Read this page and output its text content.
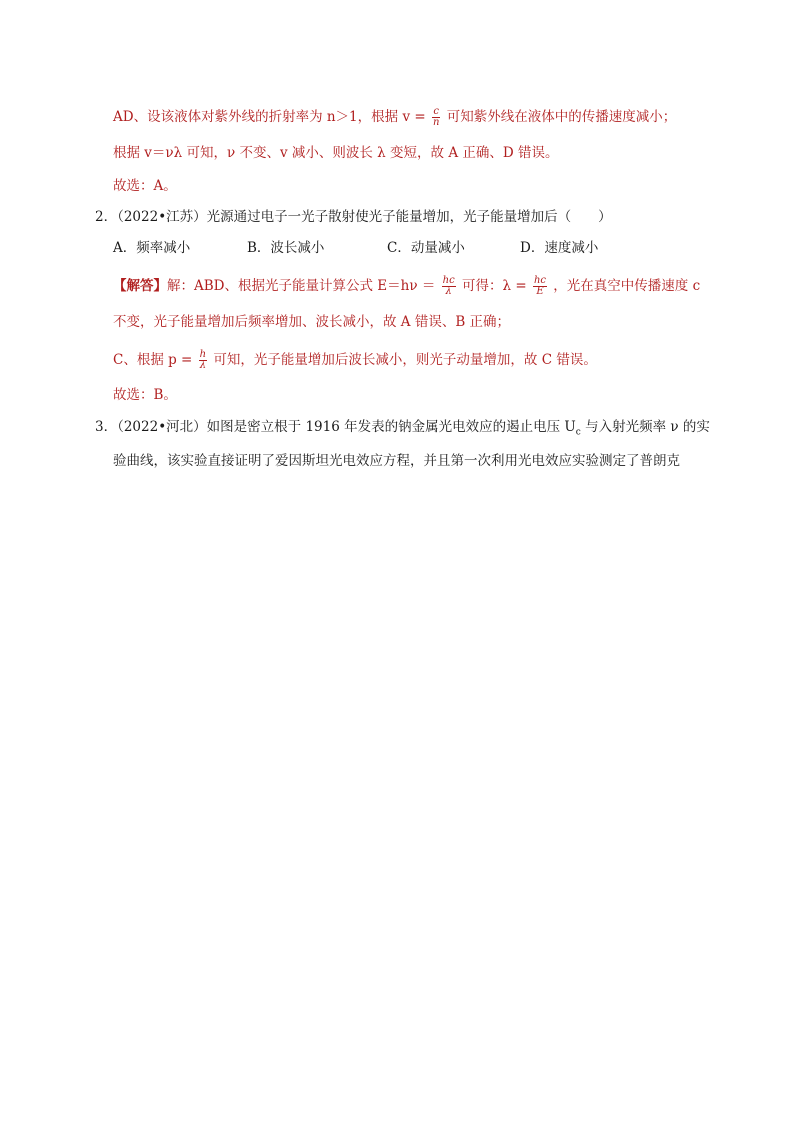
AD、设该液体对紫外线的折射率为 n＞1，根据 $v = \frac{c}{n}$ 可知紫外线在液体中的传播速度减小；
根据 v＝νλ 可知，ν 不变、v 减小、则波长 λ 变短，故 A 正确、D 错误。
故选：A。
2．（2022•江苏）光源通过电子一光子散射使光子能量增加，光子能量增加后（　　）
A．频率减小	B．波长减小	C．动量减小	D．速度减小
【解答】解：ABD、根据光子能量计算公式 $E=h\nu = \frac{hc}{\lambda}$ 可得：$\lambda = \frac{hc}{E}$ ，光在真空中传播速度 c
不变，光子能量增加后频率增加、波长减小，故 A 错误、B 正确；
C、根据 $p = \frac{h}{\lambda}$ 可知，光子能量增加后波长减小，则光子动量增加，故 C 错误。
故选：B。
3．（2022•河北）如图是密立根于 1916 年发表的钠金属光电效应的遏止电压 $U_c$ 与入射光频率 ν 的实
验曲线，该实验直接证明了爱因斯坦光电效应方程，并且第一次利用光电效应实验测定了普朗克
